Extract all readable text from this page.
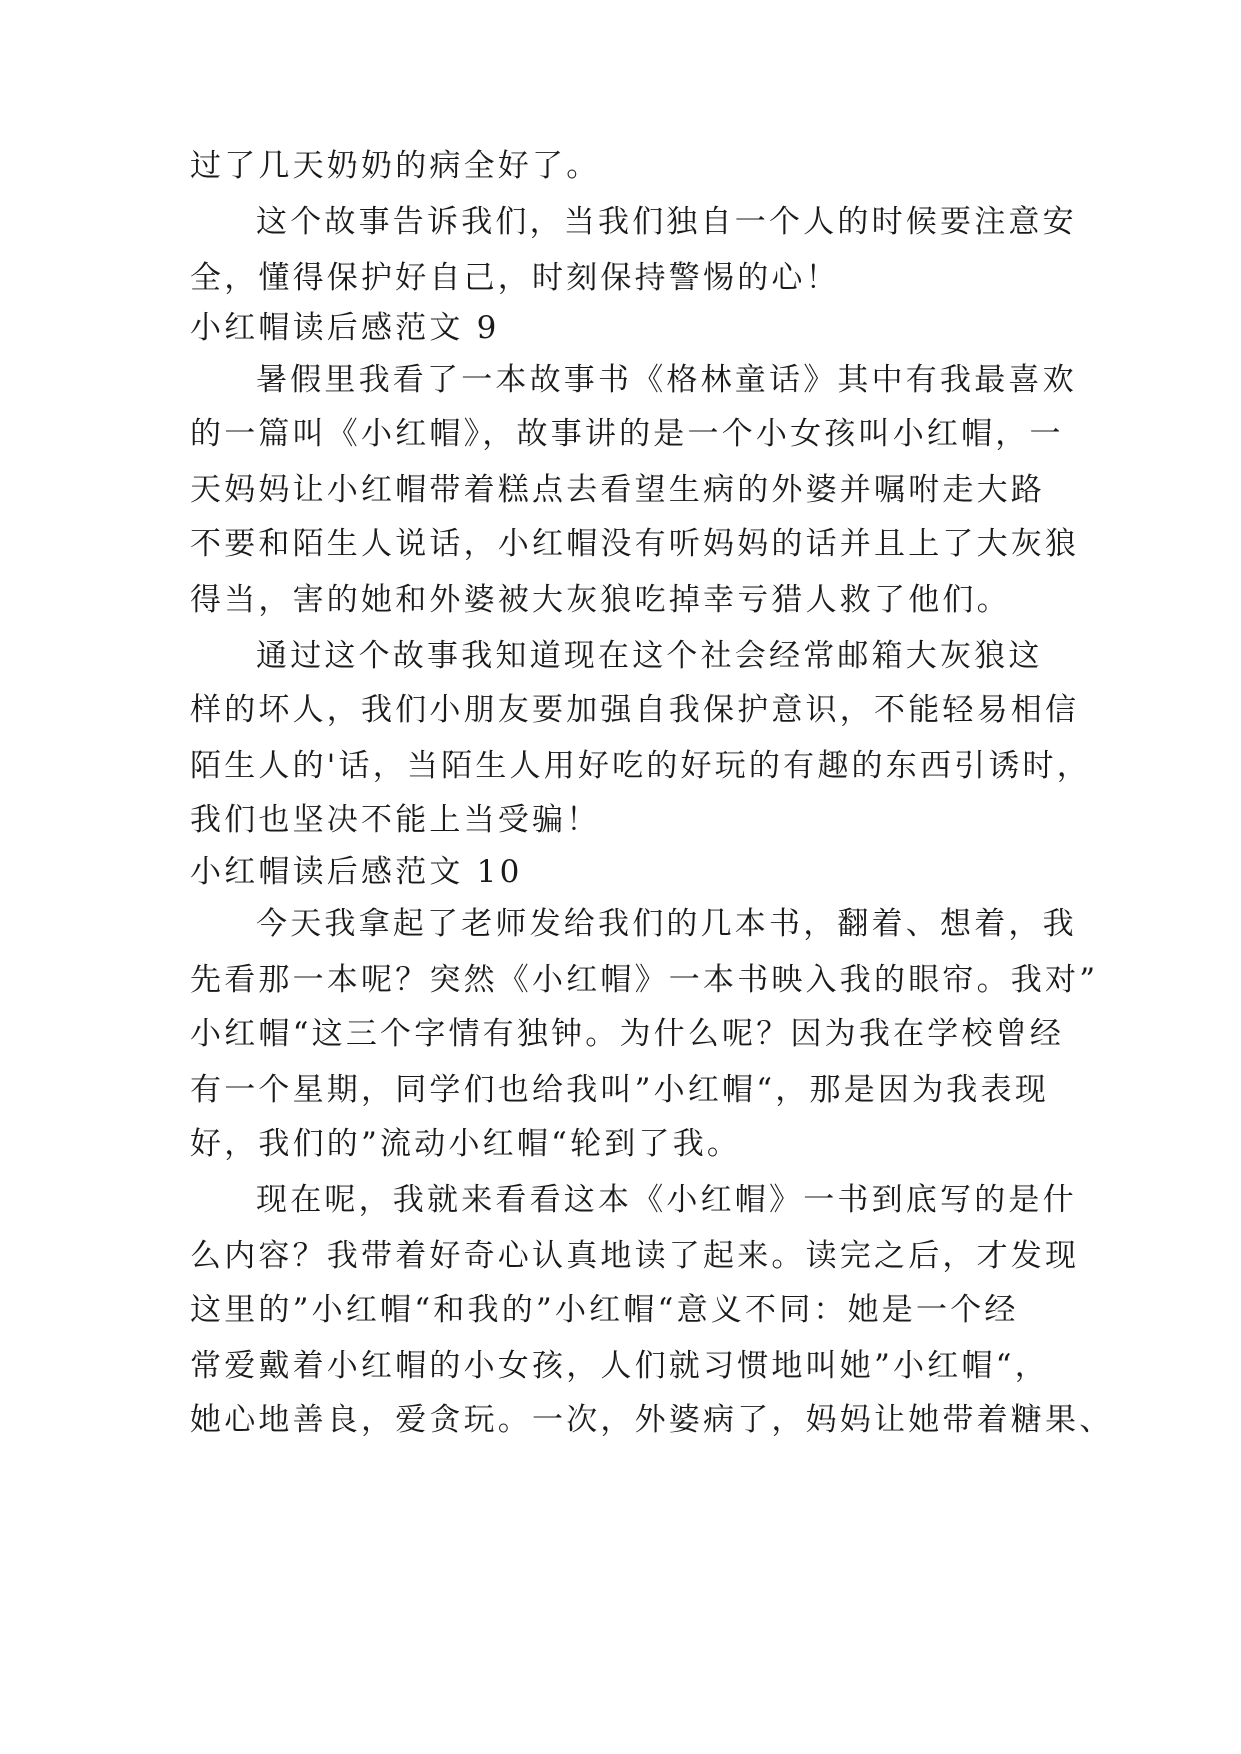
过了几天奶奶的病全好了。
这个故事告诉我们，当我们独自一个人的时候要注意安
全，懂得保护好自己，时刻保持警惕的心！
小红帽读后感范文 9
暑假里我看了一本故事书《格林童话》其中有我最喜欢
的一篇叫《小红帽》，故事讲的是一个小女孩叫小红帽，一
天妈妈让小红帽带着糕点去看望生病的外婆并嘱咐走大路
不要和陌生人说话，小红帽没有听妈妈的话并且上了大灰狼
得当，害的她和外婆被大灰狼吃掉幸亏猎人救了他们。
通过这个故事我知道现在这个社会经常邮箱大灰狼这
样的坏人，我们小朋友要加强自我保护意识，不能轻易相信
陌生人的'话，当陌生人用好吃的好玩的有趣的东西引诱时，
我们也坚决不能上当受骗！
小红帽读后感范文 10
今天我拿起了老师发给我们的几本书，翻着、想着，我
先看那一本呢？突然《小红帽》一本书映入我的眼帘。我对”
小红帽“这三个字情有独钟。为什么呢？因为我在学校曾经
有一个星期，同学们也给我叫”小红帽“，那是因为我表现
好，我们的”流动小红帽“轮到了我。
现在呢，我就来看看这本《小红帽》一书到底写的是什
么内容？我带着好奇心认真地读了起来。读完之后，才发现
这里的”小红帽“和我的”小红帽“意义不同：她是一个经
常爱戴着小红帽的小女孩，人们就习惯地叫她”小红帽“，
她心地善良，爱贪玩。一次，外婆病了，妈妈让她带着糖果、
